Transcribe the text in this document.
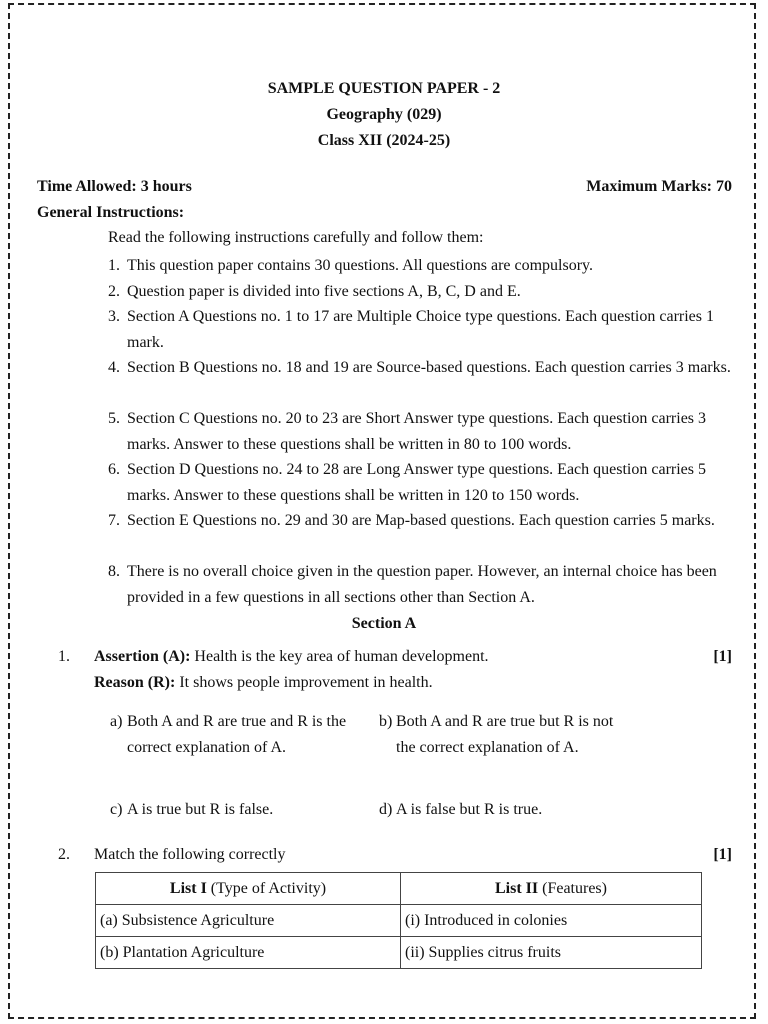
SAMPLE QUESTION PAPER - 2
Geography (029)
Class XII (2024-25)
Time Allowed: 3 hours	Maximum Marks: 70
General Instructions:
Read the following instructions carefully and follow them:
1. This question paper contains 30 questions. All questions are compulsory.
2. Question paper is divided into five sections A, B, C, D and E.
3. Section A Questions no. 1 to 17 are Multiple Choice type questions. Each question carries 1 mark.
4. Section B Questions no. 18 and 19 are Source-based questions. Each question carries 3 marks.
5. Section C Questions no. 20 to 23 are Short Answer type questions. Each question carries 3 marks. Answer to these questions shall be written in 80 to 100 words.
6. Section D Questions no. 24 to 28 are Long Answer type questions. Each question carries 5 marks. Answer to these questions shall be written in 120 to 150 words.
7. Section E Questions no. 29 and 30 are Map-based questions. Each question carries 5 marks.
8. There is no overall choice given in the question paper. However, an internal choice has been provided in a few questions in all sections other than Section A.
Section A
1. Assertion (A): Health is the key area of human development.	[1]
Reason (R): It shows people improvement in health.
a) Both A and R are true and R is the correct explanation of A.
b) Both A and R are true but R is not the correct explanation of A.
c) A is true but R is false.	d) A is false but R is true.
2. Match the following correctly	[1]
List I (Type of Activity)	List II (Features)
(a) Subsistence Agriculture	(i) Introduced in colonies
(b) Plantation Agriculture	(ii) Supplies citrus fruits
